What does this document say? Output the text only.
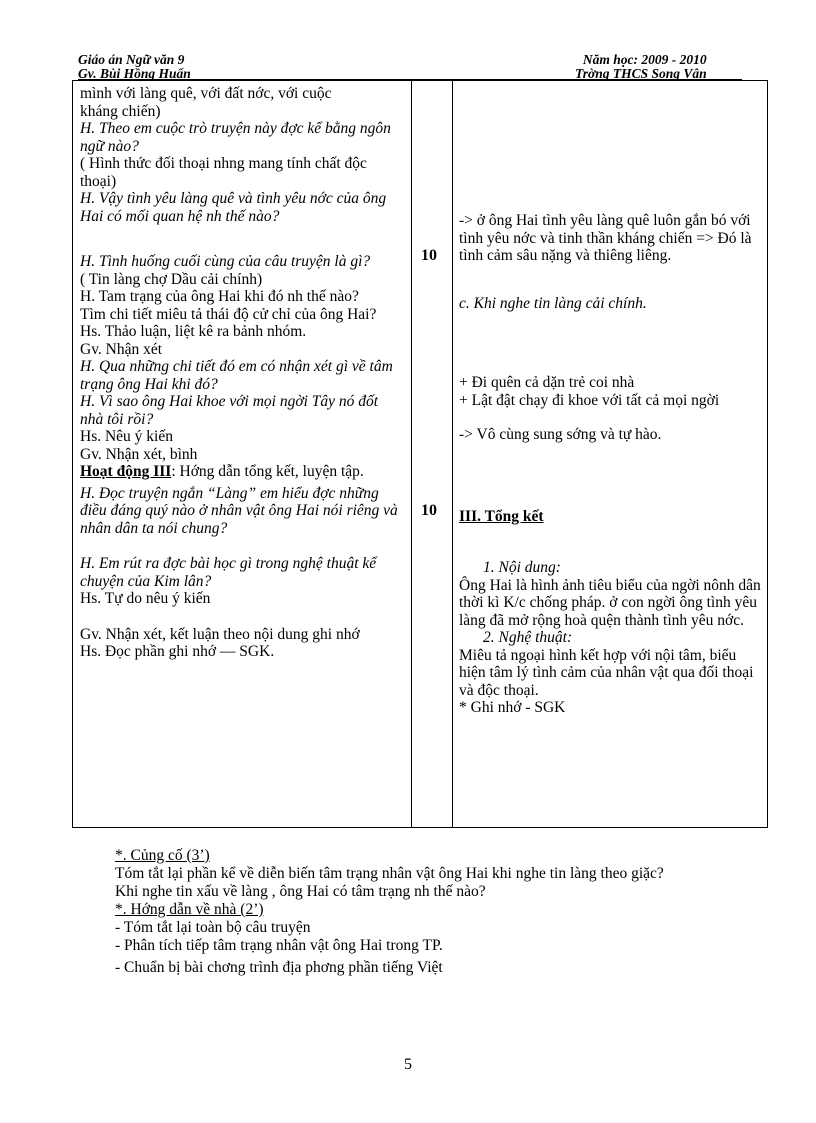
Giáo án Ngữ văn 9
Gv. Bùi Hồng Huấn
Năm học: 2009 - 2010
Trờng THCS Song Vân
mình với làng quê, với đất nớc, với cuộc
kháng chiến)
H. Theo em cuộc trò truyện này đợc kể bằng ngôn ngữ nào?
( Hình thức đối thoại nhng mang tính chất độc thoại)
H. Vậy tình yêu làng quê và tình yêu nớc của ông Hai có mối quan hệ nh thế nào?
H. Tình huống cuối cùng của câu truyện là gì?
( Tin làng chợ Dầu cải chính)
H. Tam trạng của ông Hai khi đó nh thế nào?
Tìm chi tiết miêu tả thái độ cử chỉ của ông Hai?
Hs. Thảo luận, liệt kê ra bảnh nhóm.
Gv. Nhận xét
H. Qua những chi tiết đó em có nhận xét gì về tâm trạng ông Hai khi đó?
H. Vì sao ông Hai khoe với mọi ngời Tây nó đốt nhà tôi rồi?
Hs. Nêu ý kiến
Gv. Nhận xét, bình
Hoạt động III: Hớng dẫn tổng kết, luyện tập.
H. Đọc truyện ngắn “Làng” em hiểu đợc những điều đáng quý nào ở nhân vật ông Hai nói riêng và nhân dân ta nói chung?
H. Em rút ra đợc bài học gì trong nghệ thuật kể chuyện của Kim lân?
Hs. Tự do nêu ý kiến
Gv. Nhận xét, kết luận theo nội dung ghi nhớ
Hs. Đọc phần ghi nhớ — SGK.
10
10
-> ở ông Hai tình yêu làng quê luôn gắn bó với tình yêu nớc và tinh thần kháng chiến => Đó là tình cảm sâu nặng và thiêng liêng.
c. Khi nghe tin làng cải chính.
+ Đi quên cả dặn trẻ coi nhà
+ Lật đật chạy đi khoe với tất cả mọi ngời
-> Vô cùng sung sớng và tự hào.
III. Tổng kết
1. Nội dung:
Ông Hai là hình ảnh tiêu biểu của ngời nônh dân thời kì K/c chống pháp. ở con ngời ông tình yêu làng đã mở rộng hoà quện thành tình yêu nớc.
2. Nghệ thuật:
Miêu tả ngoại hình kết hợp với nội tâm, biểu hiện tâm lý tình cảm của nhân vật qua đối thoại và độc thoại.
* Ghi nhớ - SGK
*. Củng cố (3’)
Tóm tắt lại phần kể về diễn biến tâm trạng nhân vật ông Hai khi nghe tin làng theo giặc?
Khi nghe tin xấu về làng , ông Hai có tâm trạng nh thế nào?
*. Hớng dẫn về nhà (2’)
- Tóm tắt lại toàn bộ câu truyện
- Phân tích tiếp tâm trạng nhân vật ông Hai trong TP.
- Chuẩn bị bài chơng trình địa phơng phần tiếng Việt
5
